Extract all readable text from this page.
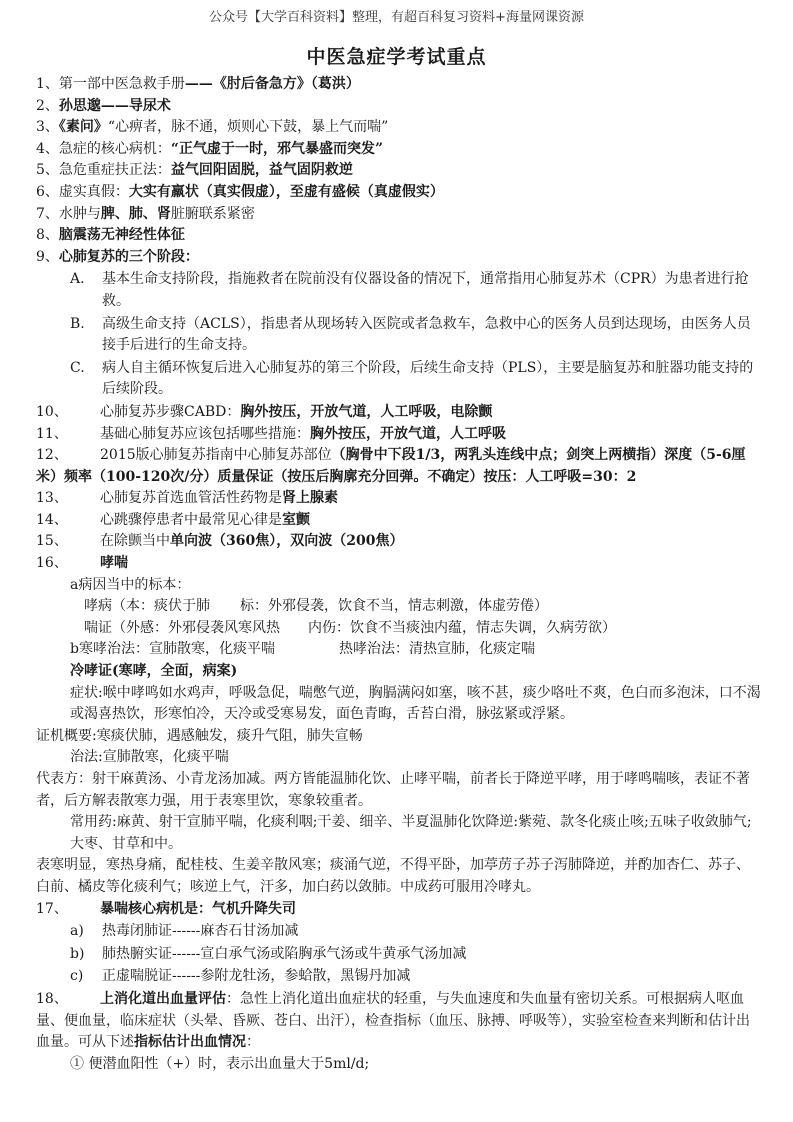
公众号【大学百科资料】整理，有超百科复习资料+海量网课资源
中医急症学考试重点
1、第一部中医急救手册——《肘后备急方》（葛洪）
2、孙思邈——导尿术
3、《素问》“心痹者，脉不通，烦则心下鼓，暴上气而喘”
4、急症的核心病机：“正气虚于一时，邪气暴盛而突发”
5、急危重症扶正法：益气回阳固脱，益气固阴救逆
6、虚实真假：大实有羸状（真实假虚），至虚有盛候（真虚假实）
7、水肿与脾、肺、肾脏腑联系紧密
8、脑震荡无神经性体征
9、心肺复苏的三个阶段：
A. 基本生命支持阶段，指施救者在院前没有仪器设备的情况下，通常指用心肺复苏术（CPR）为患者进行抢救。
B. 高级生命支持（ACLS），指患者从现场转入医院或者急救车，急救中心的医务人员到达现场，由医务人员接手后进行的生命支持。
C. 病人自主循环恢复后进入心肺复苏的第三个阶段，后续生命支持（PLS），主要是脑复苏和脏器功能支持的后续阶段。
10、 心肺复苏步骤CABD：胸外按压，开放气道，人工呼吸，电除颤
11、 基础心肺复苏应该包括哪些措施：胸外按压，开放气道，人工呼吸
12、 2015版心肺复苏指南中心肺复苏部位（胸骨中下段1/3，两乳头连线中点；剑突上两横指）深度（5-6厘米）频率（100-120次/分）质量保证（按压后胸廓充分回弹。不确定）按压：人工呼吸=30：2
13、 心肺复苏首选血管活性药物是肾上腺素
14、 心跳骤停患者中最常见心律是室颤
15、 在除颤当中单向波（360焦），双向波（200焦）
16、 哮喘
a病因当中的标本：
哮病（本：痰伏于肺 标：外邪侵袭，饮食不当，情志刺激，体虚劳倦）
喘证（外感：外邪侵袭风寒风热 内伤：饮食不当痰浊内蕴，情志失调，久病劳欲）
b寒哮治法：宣肺散寒，化痰平喘	热哮治法：清热宣肺，化痰定喘
冷哮证(寒哮，全面，病案)
症状:喉中哮鸣如水鸡声，呼吸急促，喘憋气逆，胸膈满闷如塞，咳不甚，痰少咯吐不爽，色白而多泡沫，口不渴或渴喜热饮，形寒怕冷，天冷或受寒易发，面色青晦，舌苔白滑，脉弦紧或浮紧。
证机概要:寒痰伏肺，遇感触发，痰升气阻，肺失宣畅
治法:宣肺散寒，化痰平喘
代表方：射干麻黄汤、小青龙汤加减。两方皆能温肺化饮、止哮平喘，前者长于降逆平哮，用于哮鸣喘咳，表证不著者，后方解表散寒力强，用于表寒里饮，寒象较重者。
常用药:麻黄、射干宣肺平喘，化痰利咽;干姜、细辛、半夏温肺化饮降逆:紫菀、款冬化痰止咳;五味子收敛肺气;大枣、甘草和中。
表寒明显，寒热身痛，配桂枝、生姜辛散风寒；痰涌气逆，不得平卧，加葶苈子苏子泻肺降逆，并酌加杏仁、苏子、白前、橘皮等化痰利气；咳逆上气，汗多，加白药以敛肺。中成药可服用冷哮丸。
17、 暴喘核心病机是：气机升降失司
a) 热毒闭肺证------麻杏石甘汤加减
b) 肺热腑实证------宣白承气汤或陷胸承气汤或牛黄承气汤加减
c) 正虚喘脱证------参附龙牡汤，参蛤散，黑锡丹加减
18、 上消化道出血量评估：急性上消化道出血症状的轻重，与失血速度和失血量有密切关系。可根据病人呕血量、便血量，临床症状（头晕、昏厥、苍白、出汗），检查指标（血压、脉搏、呼吸等），实验室检查来判断和估计出血量。可从下述指标估计出血情况：
① 便潜血阳性（+）时，表示出血量大于5ml/d;
